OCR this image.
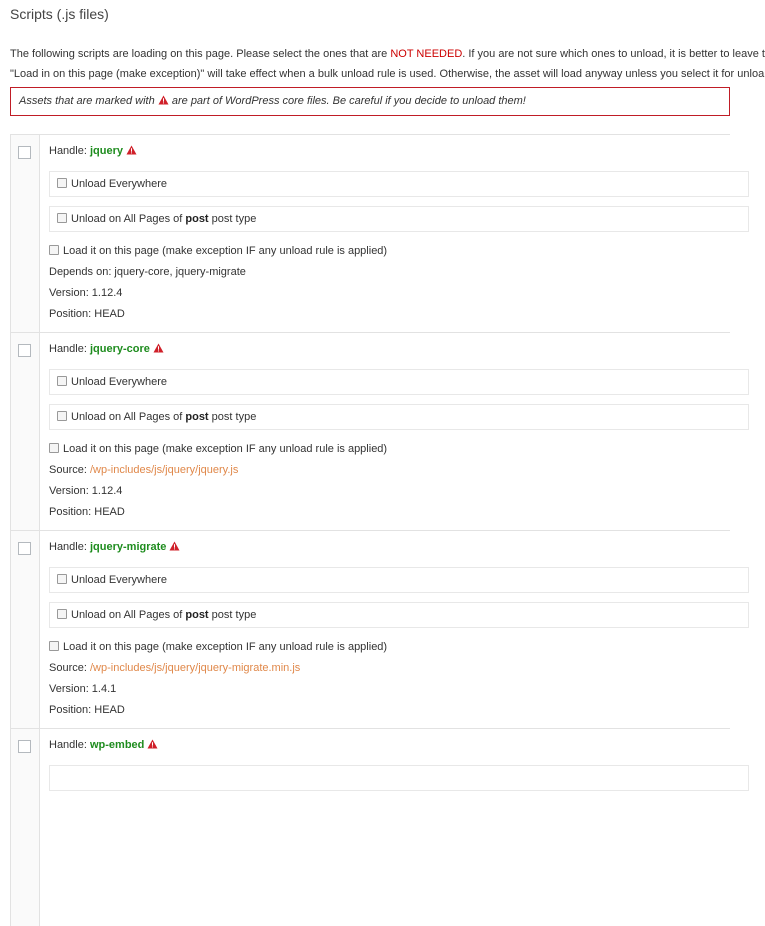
Scripts (.js files)
The following scripts are loading on this page. Please select the ones that are NOT NEEDED. If you are not sure which ones to unload, it is better to leave t
"Load in on this page (make exception)" will take effect when a bulk unload rule is used. Otherwise, the asset will load anyway unless you select it for unloa
Assets that are marked with are part of WordPress core files. Be careful if you decide to unload them!
Handle: jquery
Unload Everywhere
Unload on All Pages of post post type
Load it on this page (make exception IF any unload rule is applied)
Depends on: jquery-core, jquery-migrate
Version: 1.12.4
Position: HEAD
Handle: jquery-core
Unload Everywhere
Unload on All Pages of post post type
Load it on this page (make exception IF any unload rule is applied)
Source: /wp-includes/js/jquery/jquery.js
Version: 1.12.4
Position: HEAD
Handle: jquery-migrate
Unload Everywhere
Unload on All Pages of post post type
Load it on this page (make exception IF any unload rule is applied)
Source: /wp-includes/js/jquery/jquery-migrate.min.js
Version: 1.4.1
Position: HEAD
Handle: wp-embed
